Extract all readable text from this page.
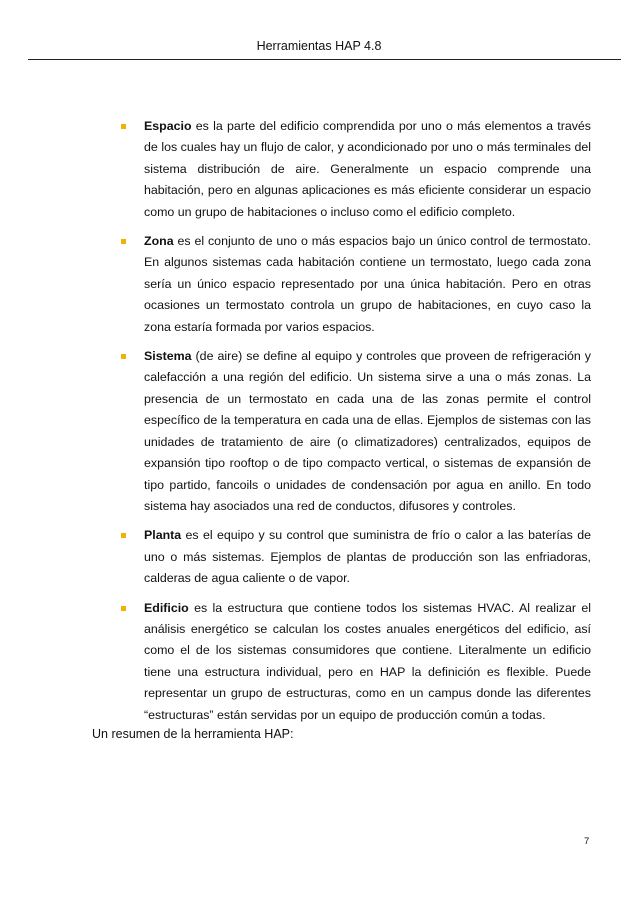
Herramientas HAP 4.8
Espacio es la parte del edificio comprendida por uno o más elementos a través de los cuales hay un flujo de calor, y acondicionado por uno o más terminales del sistema distribución de aire. Generalmente un espacio comprende una habitación, pero en algunas aplicaciones es más eficiente considerar un espacio como un grupo de habitaciones o incluso como el edificio completo.
Zona es el conjunto de uno o más espacios bajo un único control de termostato. En algunos sistemas cada habitación contiene un termostato, luego cada zona sería un único espacio representado por una única habitación. Pero en otras ocasiones un termostato controla un grupo de habitaciones, en cuyo caso la zona estaría formada por varios espacios.
Sistema (de aire) se define al equipo y controles que proveen de refrigeración y calefacción a una región del edificio. Un sistema sirve a una o más zonas. La presencia de un termostato en cada una de las zonas permite el control específico de la temperatura en cada una de ellas. Ejemplos de sistemas con las unidades de tratamiento de aire (o climatizadores) centralizados, equipos de expansión tipo rooftop o de tipo compacto vertical, o sistemas de expansión de tipo partido, fancoils o unidades de condensación por agua en anillo. En todo sistema hay asociados una red de conductos, difusores y controles.
Planta es el equipo y su control que suministra de frío o calor a las baterías de uno o más sistemas. Ejemplos de plantas de producción son las enfriadoras, calderas de agua caliente o de vapor.
Edificio es la estructura que contiene todos los sistemas HVAC. Al realizar el análisis energético se calculan los costes anuales energéticos del edificio, así como el de los sistemas consumidores que contiene. Literalmente un edificio tiene una estructura individual, pero en HAP la definición es flexible. Puede representar un grupo de estructuras, como en un campus donde las diferentes “estructuras” están servidas por un equipo de producción común a todas.
Un resumen de la herramienta HAP:
7
